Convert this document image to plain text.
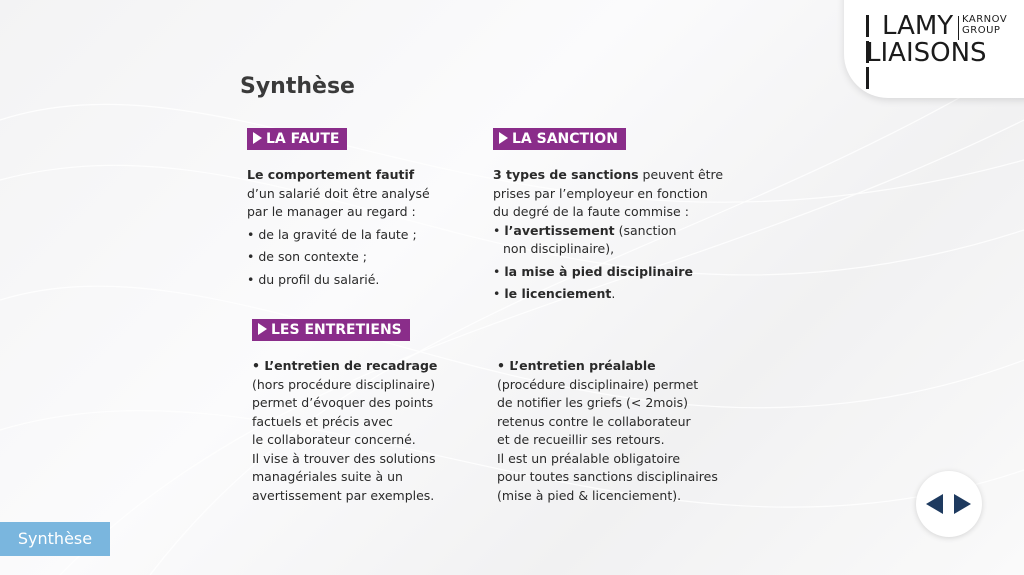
LAMY KARNOV
GROUP
LIAISONS
Synthèse
LA FAUTE
Le comportement fautif
d’un salarié doit être analysé
par le manager au regard :
• de la gravité de la faute ;
• de son contexte ;
• du profil du salarié.
LA SANCTION
3 types de sanctions peuvent être
prises par l’employeur en fonction
du degré de la faute commise :
• l’avertissement (sanction
non disciplinaire),
• la mise à pied disciplinaire
• le licenciement.
LES ENTRETIENS
• L’entretien de recadrage
(hors procédure disciplinaire)
permet d’évoquer des points
factuels et précis avec
le collaborateur concerné.
Il vise à trouver des solutions
managériales suite à un
avertissement par exemples.
• L’entretien préalable
(procédure disciplinaire) permet
de notifier les griefs (< 2mois)
retenus contre le collaborateur
et de recueillir ses retours.
Il est un préalable obligatoire
pour toutes sanctions disciplinaires
(mise à pied & licenciement).
Synthèse
